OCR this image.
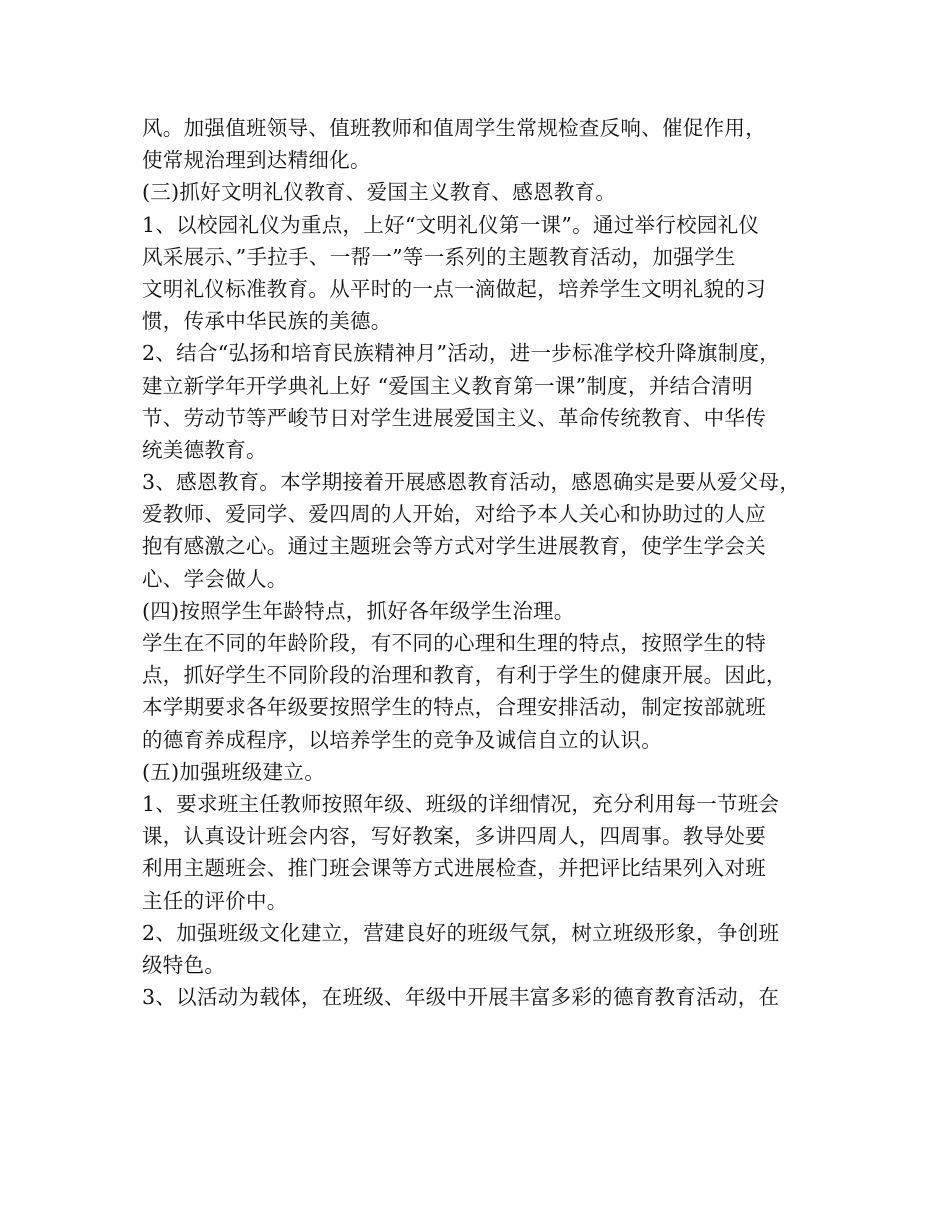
风。加强值班领导、值班教师和值周学生常规检查反响、催促作用，
使常规治理到达精细化。
(三)抓好文明礼仪教育、爱国主义教育、感恩教育。
1、以校园礼仪为重点，上好“文明礼仪第一课”。通过举行校园礼仪
风采展示、”手拉手、一帮一”等一系列的主题教育活动，加强学生
文明礼仪标准教育。从平时的一点一滴做起，培养学生文明礼貌的习
惯，传承中华民族的美德。
2、结合“弘扬和培育民族精神月”活动，进一步标准学校升降旗制度，
建立新学年开学典礼上好 “爱国主义教育第一课”制度，并结合清明
节、劳动节等严峻节日对学生进展爱国主义、革命传统教育、中华传
统美德教育。
3、感恩教育。本学期接着开展感恩教育活动，感恩确实是要从爱父母，
爱教师、爱同学、爱四周的人开始，对给予本人关心和协助过的人应
抱有感激之心。通过主题班会等方式对学生进展教育，使学生学会关
心、学会做人。
(四)按照学生年龄特点，抓好各年级学生治理。
学生在不同的年龄阶段，有不同的心理和生理的特点，按照学生的特
点，抓好学生不同阶段的治理和教育，有利于学生的健康开展。因此，
本学期要求各年级要按照学生的特点，合理安排活动，制定按部就班
的德育养成程序，以培养学生的竞争及诚信自立的认识。
(五)加强班级建立。
1、要求班主任教师按照年级、班级的详细情况，充分利用每一节班会
课，认真设计班会内容，写好教案，多讲四周人，四周事。教导处要
利用主题班会、推门班会课等方式进展检查，并把评比结果列入对班
主任的评价中。
2、加强班级文化建立，营建良好的班级气氛，树立班级形象，争创班
级特色。
3、以活动为载体，在班级、年级中开展丰富多彩的德育教育活动，在
